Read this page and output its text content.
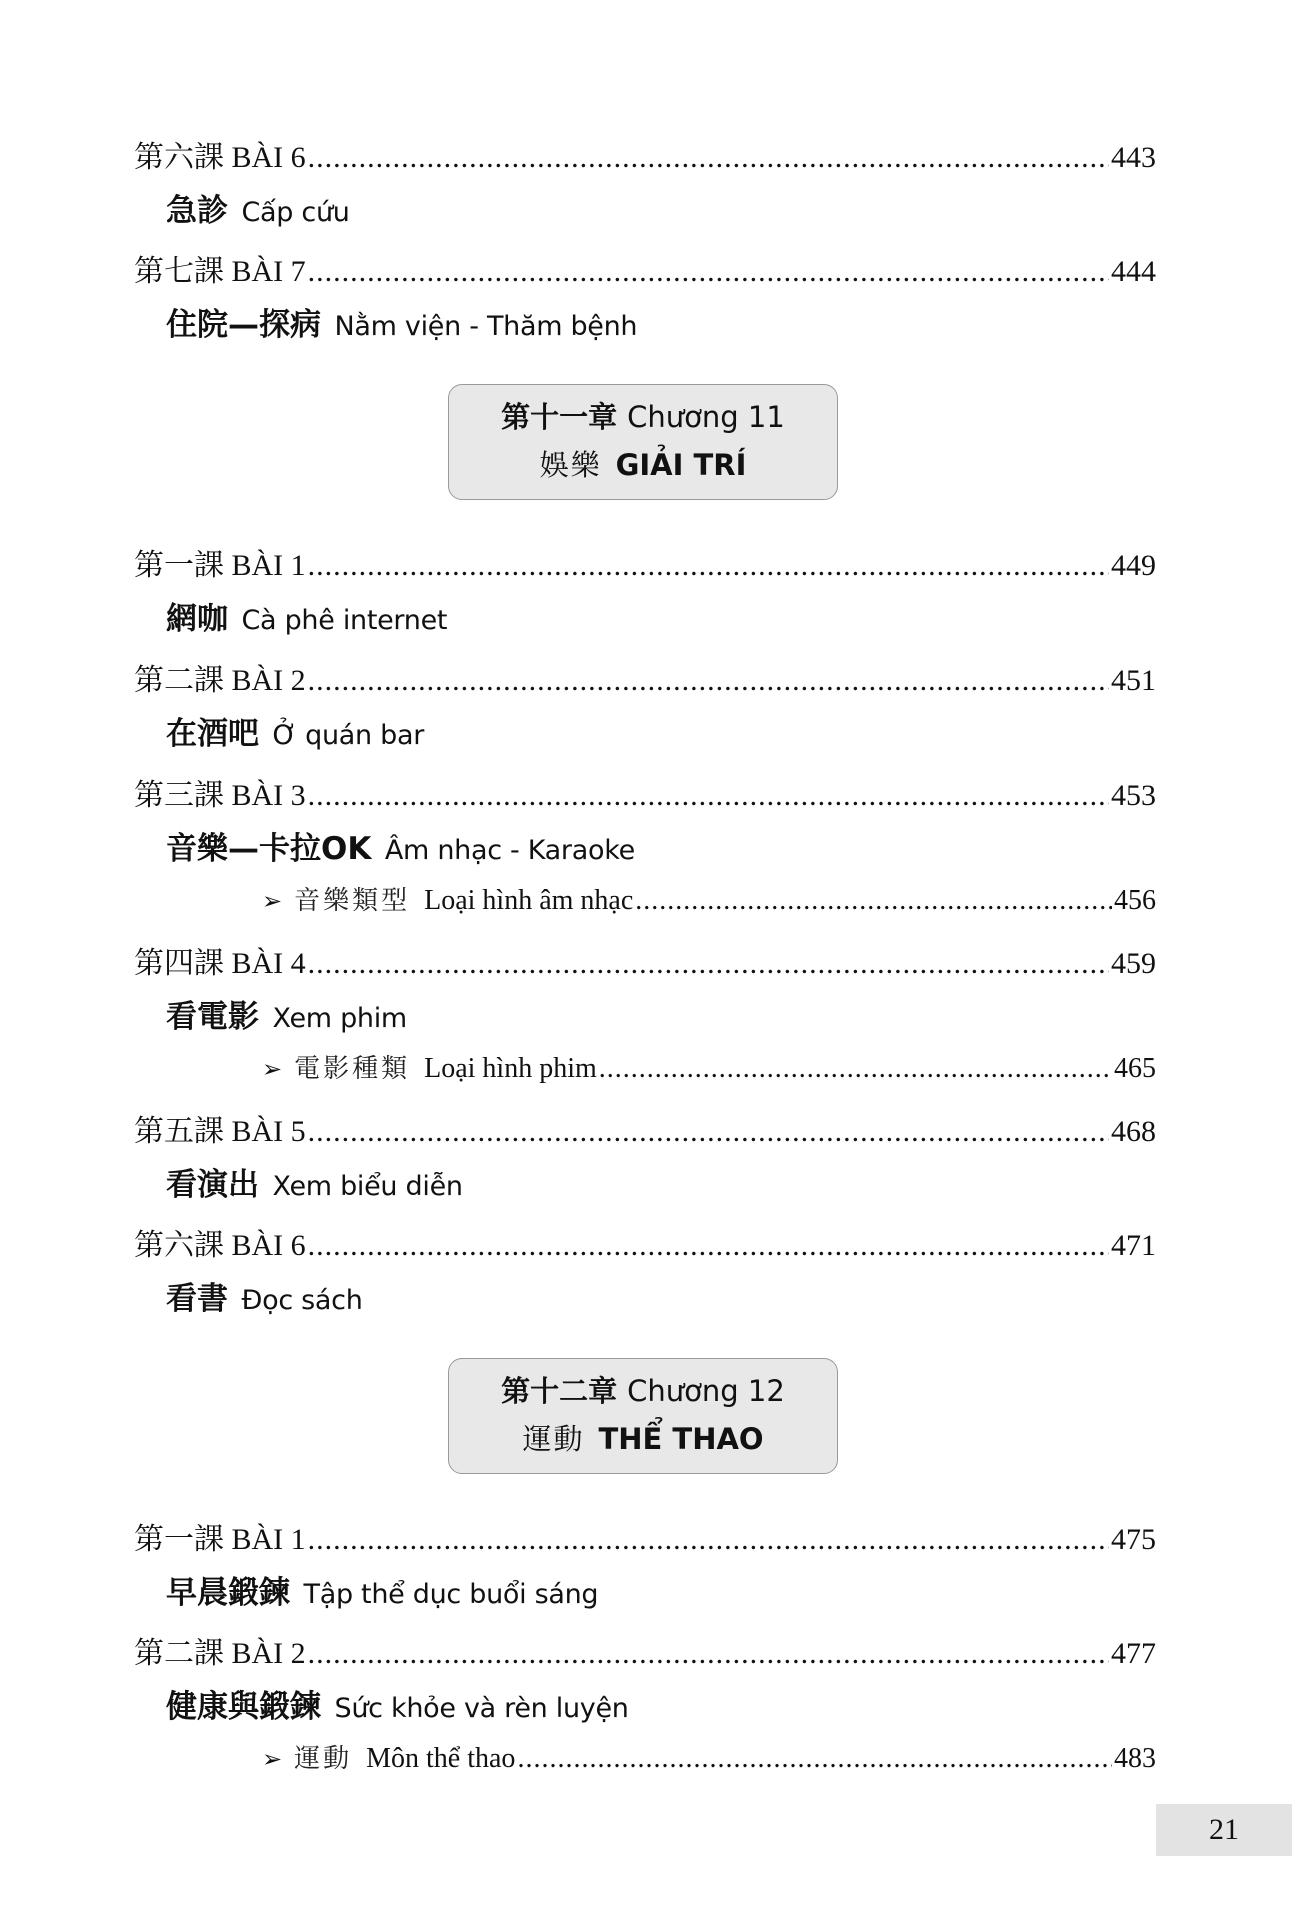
第六課 BÀI 6 .....	443
急診 Cấp cứu
第七課 BÀI 7 .....	444
住院—探病 Nằm viện - Thăm bệnh
第十一章 Chương 11
娛樂 GIẢI TRÍ
第一課 BÀI 1 .....	449
網咖 Cà phê internet
第二課 BÀI 2 .....	451
在酒吧 Ở quán bar
第三課 BÀI 3 .....	453
音樂—卡拉OK Âm nhạc - Karaoke
➢ 音樂類型 Loại hình âm nhạc .....	456
第四課 BÀI 4 .....	459
看電影 Xem phim
➢ 電影種類 Loại hình phim .....	465
第五課 BÀI 5 .....	468
看演出 Xem biểu diễn
第六課 BÀI 6 .....	471
看書 Đọc sách
第十二章 Chương 12
運動 THỂ THAO
第一課 BÀI 1 .....	475
早晨鍛鍊 Tập thể dục buổi sáng
第二課 BÀI 2 .....	477
健康與鍛鍊 Sức khỏe và rèn luyện
➢ 運動 Môn thể thao .....	483
21
